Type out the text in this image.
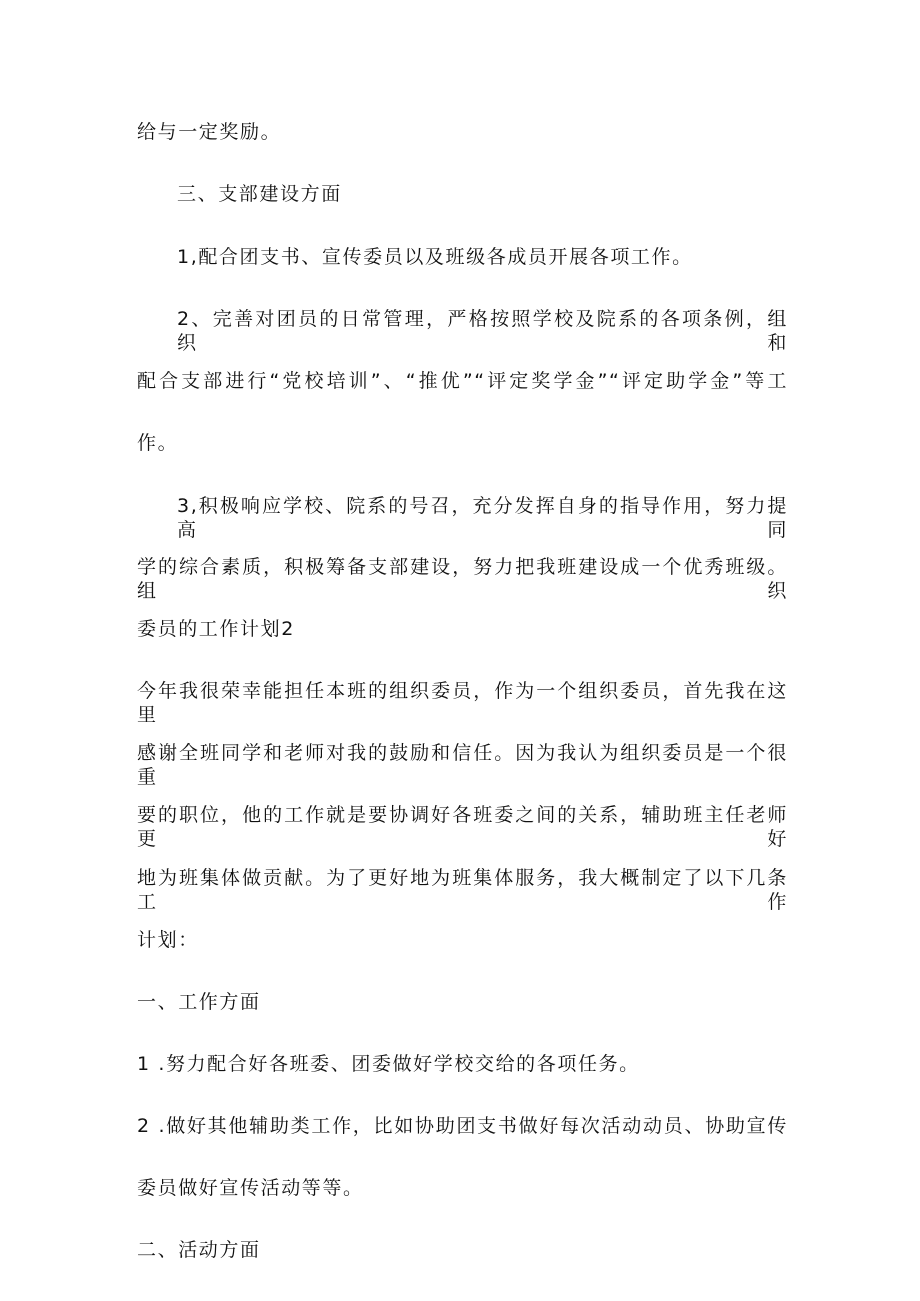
给与一定奖励。
三、支部建设方面
1,配合团支书、宣传委员以及班级各成员开展各项工作。
2、完善对团员的日常管理，严格按照学校及院系的各项条例，组织和
配合支部进行“党校培训”、“推优”“评定奖学金”“评定助学金”等工
作。
3,积极响应学校、院系的号召，充分发挥自身的指导作用，努力提高同
学的综合素质，积极筹备支部建设，努力把我班建设成一个优秀班级。组织
委员的工作计划2
今年我很荣幸能担任本班的组织委员，作为一个组织委员，首先我在这里
感谢全班同学和老师对我的鼓励和信任。因为我认为组织委员是一个很重
要的职位，他的工作就是要协调好各班委之间的关系，辅助班主任老师更好
地为班集体做贡献。为了更好地为班集体服务，我大概制定了以下几条工作
计划：
一、工作方面
1 .努力配合好各班委、团委做好学校交给的各项任务。
2 .做好其他辅助类工作，比如协助团支书做好每次活动动员、协助宣传
委员做好宣传活动等等。
二、活动方面
